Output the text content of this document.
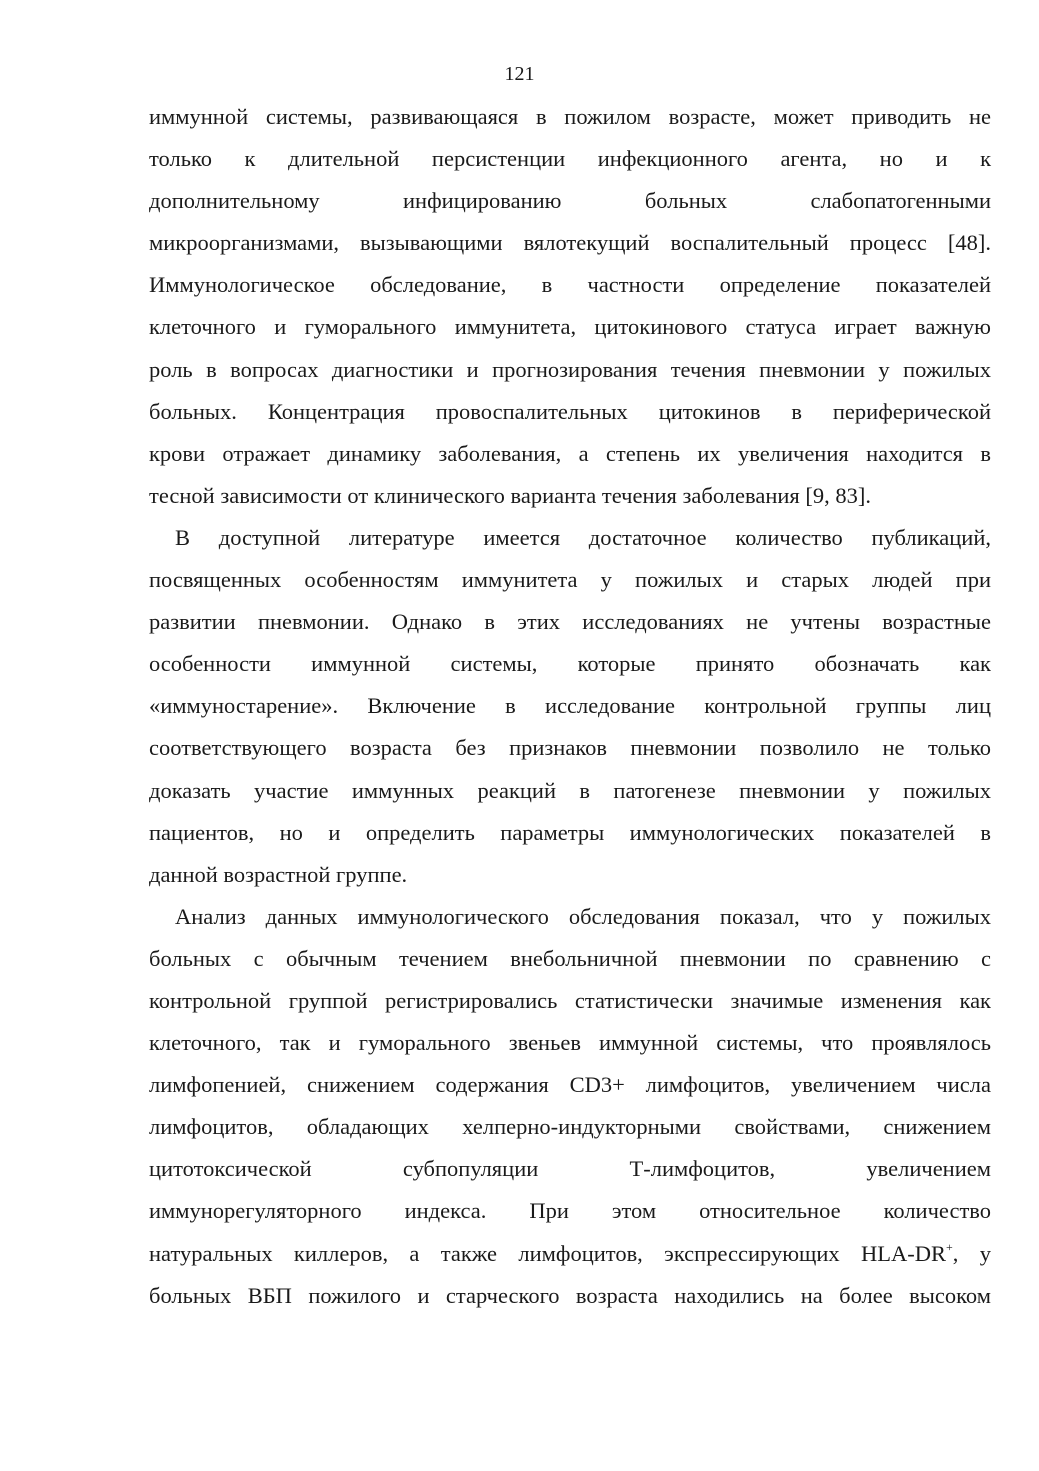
121
иммунной системы, развивающаяся в пожилом возрасте, может приводить не
только к длительной персистенции инфекционного агента, но и к
дополнительному инфицированию больных слабопатогенными
микроорганизмами, вызывающими вялотекущий воспалительный процесс [48].
Иммунологическое обследование, в частности определение показателей
клеточного и гуморального иммунитета, цитокинового статуса играет важную
роль в вопросах диагностики и прогнозирования течения пневмонии у пожилых
больных. Концентрация провоспалительных цитокинов в периферической
крови отражает динамику заболевания, а степень их увеличения находится в
тесной зависимости от клинического варианта течения заболевания [9, 83].
В доступной литературе имеется достаточное количество публикаций,
посвященных особенностям иммунитета у пожилых и старых людей при
развитии пневмонии. Однако в этих исследованиях не учтены возрастные
особенности иммунной системы, которые принято обозначать как
«иммуностарение». Включение в исследование контрольной группы лиц
соответствующего возраста без признаков пневмонии позволило не только
доказать участие иммунных реакций в патогенезе пневмонии у пожилых
пациентов, но и определить параметры иммунологических показателей в
данной возрастной группе.
Анализ данных иммунологического обследования показал, что у пожилых
больных с обычным течением внебольничной пневмонии по сравнению с
контрольной группой регистрировались статистически значимые изменения как
клеточного, так и гуморального звеньев иммунной системы, что проявлялось
лимфопенией, снижением содержания CD3+ лимфоцитов, увеличением числа
лимфоцитов, обладающих хелперно-индукторными свойствами, снижением
цитотоксической субпопуляции Т-лимфоцитов, увеличением
иммунорегуляторного индекса. При этом относительное количество
натуральных киллеров, а также лимфоцитов, экспрессирующих HLA-DR+, у
больных ВБП пожилого и старческого возраста находились на более высоком
